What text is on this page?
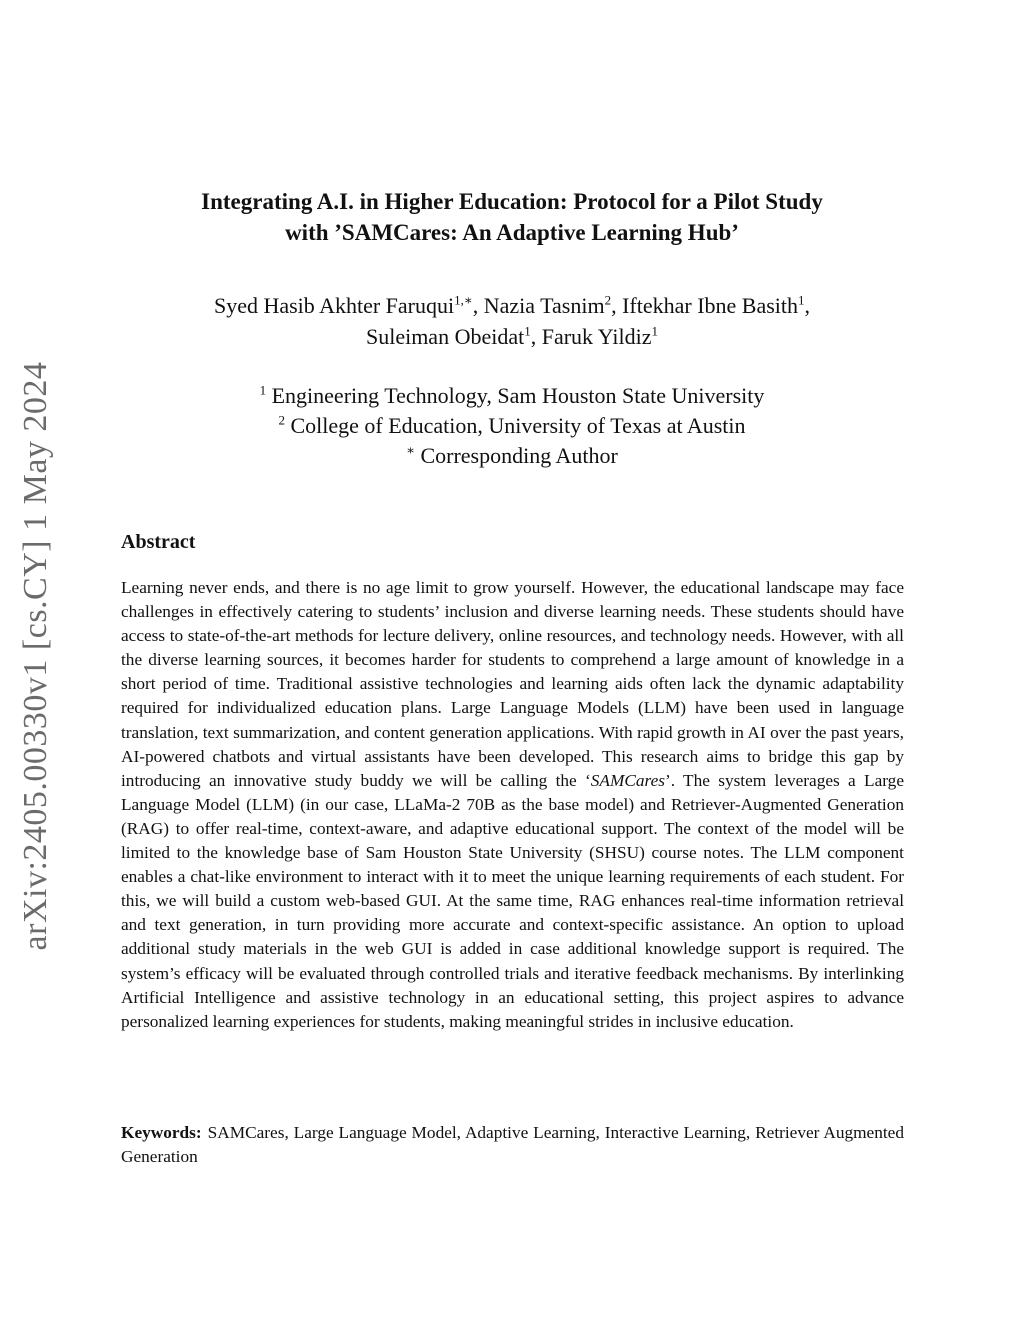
arXiv:2405.00330v1 [cs.CY] 1 May 2024
Integrating A.I. in Higher Education: Protocol for a Pilot Study
with ’SAMCares: An Adaptive Learning Hub’
Syed Hasib Akhter Faruqui$^{1,∗}$, Nazia Tasnim$^2$, Iftekhar Ibne Basith$^1$,
Suleiman Obeidat$^1$, Faruk Yildiz$^1$
$^1$ Engineering Technology, Sam Houston State University
$^2$ College of Education, University of Texas at Austin
∗ Corresponding Author
Abstract
Learning never ends, and there is no age limit to grow yourself. However, the educational landscape may face challenges in effectively catering to students’ inclusion and diverse learning needs. These students should have access to state-of-the-art methods for lecture delivery, online resources, and technology needs. However, with all the diverse learning sources, it becomes harder for students to comprehend a large amount of knowledge in a short period of time. Traditional assistive technologies and learning aids often lack the dynamic adaptability required for individualized education plans. Large Language Models (LLM) have been used in language translation, text summarization, and content generation applications. With rapid growth in AI over the past years, AI-powered chatbots and virtual assistants have been developed. This research aims to bridge this gap by introducing an innovative study buddy we will be calling the ‘SAMCares’. The system leverages a Large Language Model (LLM) (in our case, LLaMa-2 70B as the base model) and Retriever-Augmented Generation (RAG) to offer real-time, context-aware, and adaptive educational support. The context of the model will be limited to the knowledge base of Sam Houston State University (SHSU) course notes. The LLM component enables a chat-like environment to interact with it to meet the unique learning requirements of each student. For this, we will build a custom web-based GUI. At the same time, RAG enhances real-time information retrieval and text generation, in turn providing more accurate and context-specific assistance. An option to upload additional study materials in the web GUI is added in case additional knowledge support is required. The system’s efficacy will be evaluated through controlled trials and iterative feedback mechanisms. By interlinking Artificial Intelligence and assistive technology in an educational setting, this project aspires to advance personalized learning experiences for students, making meaningful strides in inclusive education.
Keywords: SAMCares, Large Language Model, Adaptive Learning, Interactive Learning, Retriever Augmented Generation
